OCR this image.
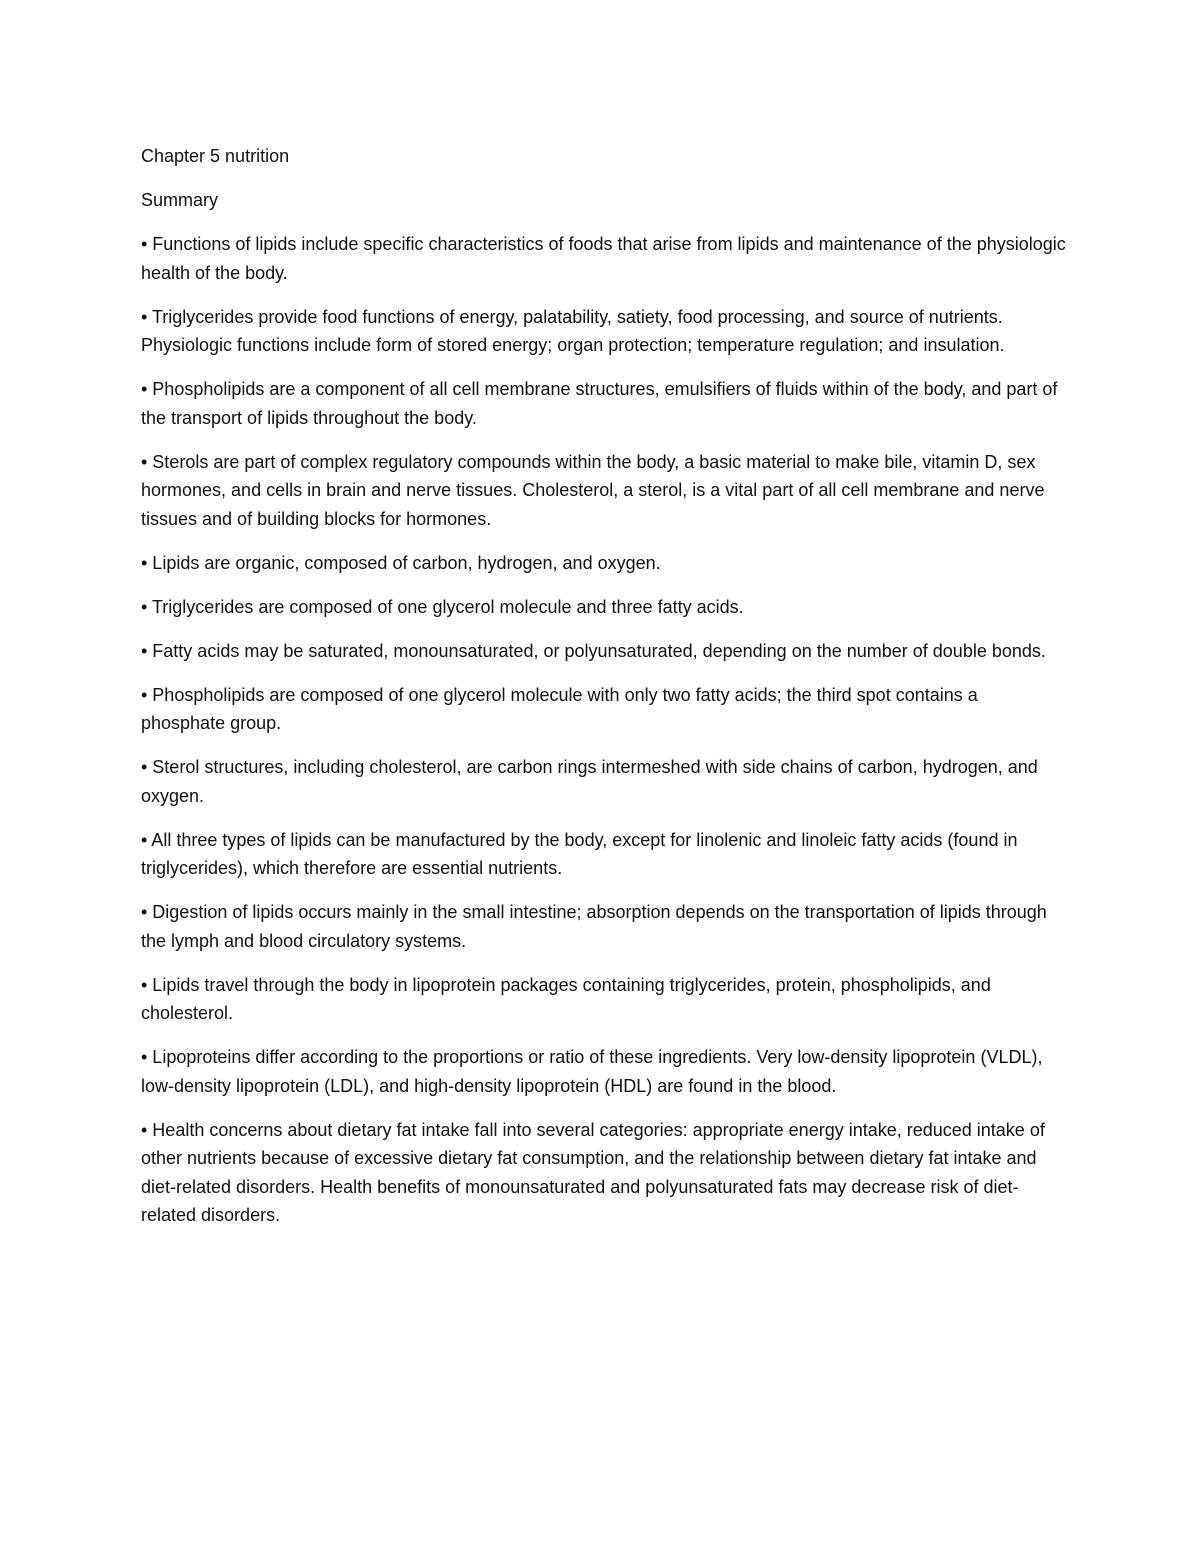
Chapter 5 nutrition

Summary

• Functions of lipids include specific characteristics of foods that arise from lipids and maintenance of the physiologic health of the body.
• Triglycerides provide food functions of energy, palatability, satiety, food processing, and source of nutrients. Physiologic functions include form of stored energy; organ protection; temperature regulation; and insulation.
• Phospholipids are a component of all cell membrane structures, emulsifiers of fluids within of the body, and part of the transport of lipids throughout the body.
• Sterols are part of complex regulatory compounds within the body, a basic material to make bile, vitamin D, sex hormones, and cells in brain and nerve tissues. Cholesterol, a sterol, is a vital part of all cell membrane and nerve tissues and of building blocks for hormones.
• Lipids are organic, composed of carbon, hydrogen, and oxygen.
• Triglycerides are composed of one glycerol molecule and three fatty acids.
• Fatty acids may be saturated, monounsaturated, or polyunsaturated, depending on the number of double bonds.
• Phospholipids are composed of one glycerol molecule with only two fatty acids; the third spot contains a phosphate group.
• Sterol structures, including cholesterol, are carbon rings intermeshed with side chains of carbon, hydrogen, and oxygen.
• All three types of lipids can be manufactured by the body, except for linolenic and linoleic fatty acids (found in triglycerides), which therefore are essential nutrients.
• Digestion of lipids occurs mainly in the small intestine; absorption depends on the transportation of lipids through the lymph and blood circulatory systems.
• Lipids travel through the body in lipoprotein packages containing triglycerides, protein, phospholipids, and cholesterol.
• Lipoproteins differ according to the proportions or ratio of these ingredients. Very low-density lipoprotein (VLDL), low-density lipoprotein (LDL), and high-density lipoprotein (HDL) are found in the blood.
• Health concerns about dietary fat intake fall into several categories: appropriate energy intake, reduced intake of other nutrients because of excessive dietary fat consumption, and the relationship between dietary fat intake and diet-related disorders. Health benefits of monounsaturated and polyunsaturated fats may decrease risk of diet-related disorders.
